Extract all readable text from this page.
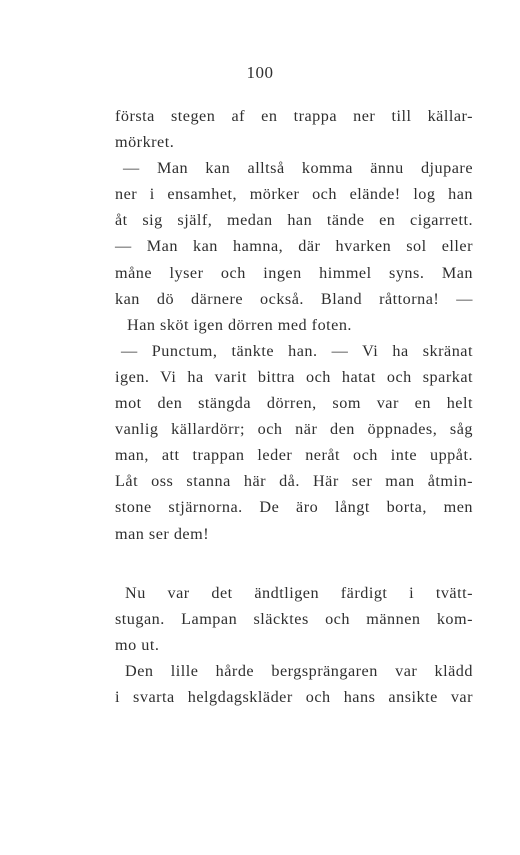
100
första stegen af en trappa ner till källar-
mörkret.
— Man kan alltså komma ännu djupare
ner i ensamhet, mörker och elände! log han
åt sig själf, medan han tände en cigarrett.
— Man kan hamna, där hvarken sol eller
måne lyser och ingen himmel syns. Man
kan dö därnere också. Bland råttorna! —
Han sköt igen dörren med foten.
— Punctum, tänkte han. — Vi ha skränat
igen. Vi ha varit bittra och hatat och sparkat
mot den stängda dörren, som var en helt
vanlig källardörr; och när den öppnades, såg
man, att trappan leder neråt och inte uppåt.
Låt oss stanna här då. Här ser man åtmin-
stone stjärnorna. De äro långt borta, men
man ser dem!
Nu var det ändtligen färdigt i tvätt-
stugan. Lampan släcktes och männen kom-
mo ut.
Den lille hårde bergsprängaren var klädd
i svarta helgdagskläder och hans ansikte var
